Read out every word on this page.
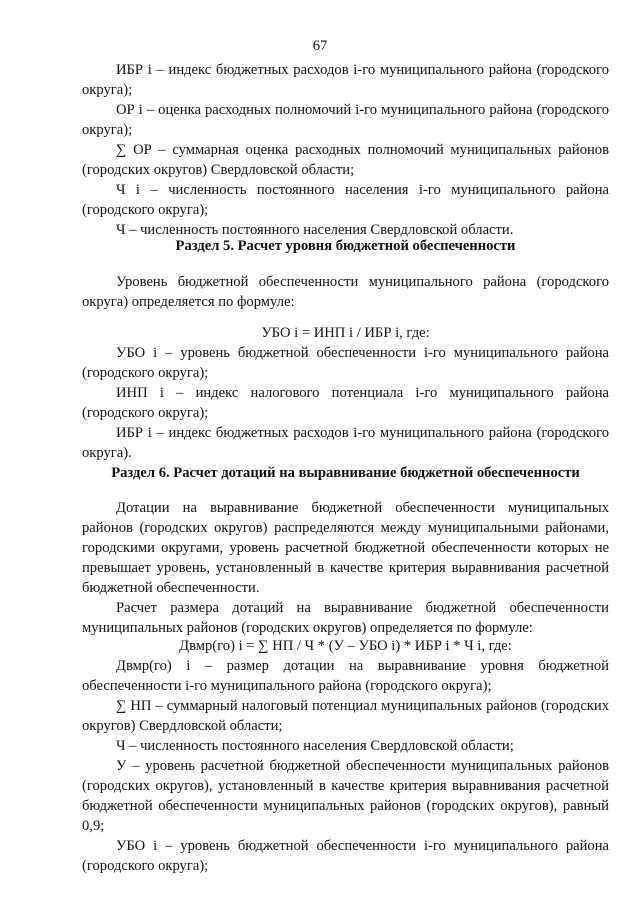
67

ИБР i – индекс бюджетных расходов і-го муниципального района (городского округа);

ОР i – оценка расходных полномочий і-го муниципального района (городского округа);

∑ ОР – суммарная оценка расходных полномочий муниципальных районов (городских округов) Свердловской области;

Ч i – численность постоянного населения і-го муниципального района (городского округа);

Ч – численность постоянного населения Свердловской области.

Раздел 5. Расчет уровня бюджетной обеспеченности

Уровень бюджетной обеспеченности муниципального района (городского округа) определяется по формуле:

УБО i = ИНП i / ИБР i, где:

УБО i – уровень бюджетной обеспеченности і-го муниципального района (городского округа);

ИНП i – индекс налогового потенциала і-го муниципального района (городского округа);

ИБР i – индекс бюджетных расходов і-го муниципального района (городского округа).

Раздел 6. Расчет дотаций на выравнивание бюджетной обеспеченности

Дотации на выравнивание бюджетной обеспеченности муниципальных районов (городских округов) распределяются между муниципальными районами, городскими округами, уровень расчетной бюджетной обеспеченности которых не превышает уровень, установленный в качестве критерия выравнивания расчетной бюджетной обеспеченности.

Расчет размера дотаций на выравнивание бюджетной обеспеченности муниципальных районов (городских округов) определяется по формуле:

Двмр(го) i = ∑ НП / Ч * (У – УБО i) * ИБР i * Ч i, где:

Двмр(го) i – размер дотации на выравнивание уровня бюджетной обеспеченности і-го муниципального района (городского округа);

∑ НП – суммарный налоговый потенциал муниципальных районов (городских округов) Свердловской области;

Ч – численность постоянного населения Свердловской области;

У – уровень расчетной бюджетной обеспеченности муниципальных районов (городских округов), установленный в качестве критерия выравнивания расчетной бюджетной обеспеченности муниципальных районов (городских округов), равный 0,9;

УБО i – уровень бюджетной обеспеченности і-го муниципального района (городского округа);
